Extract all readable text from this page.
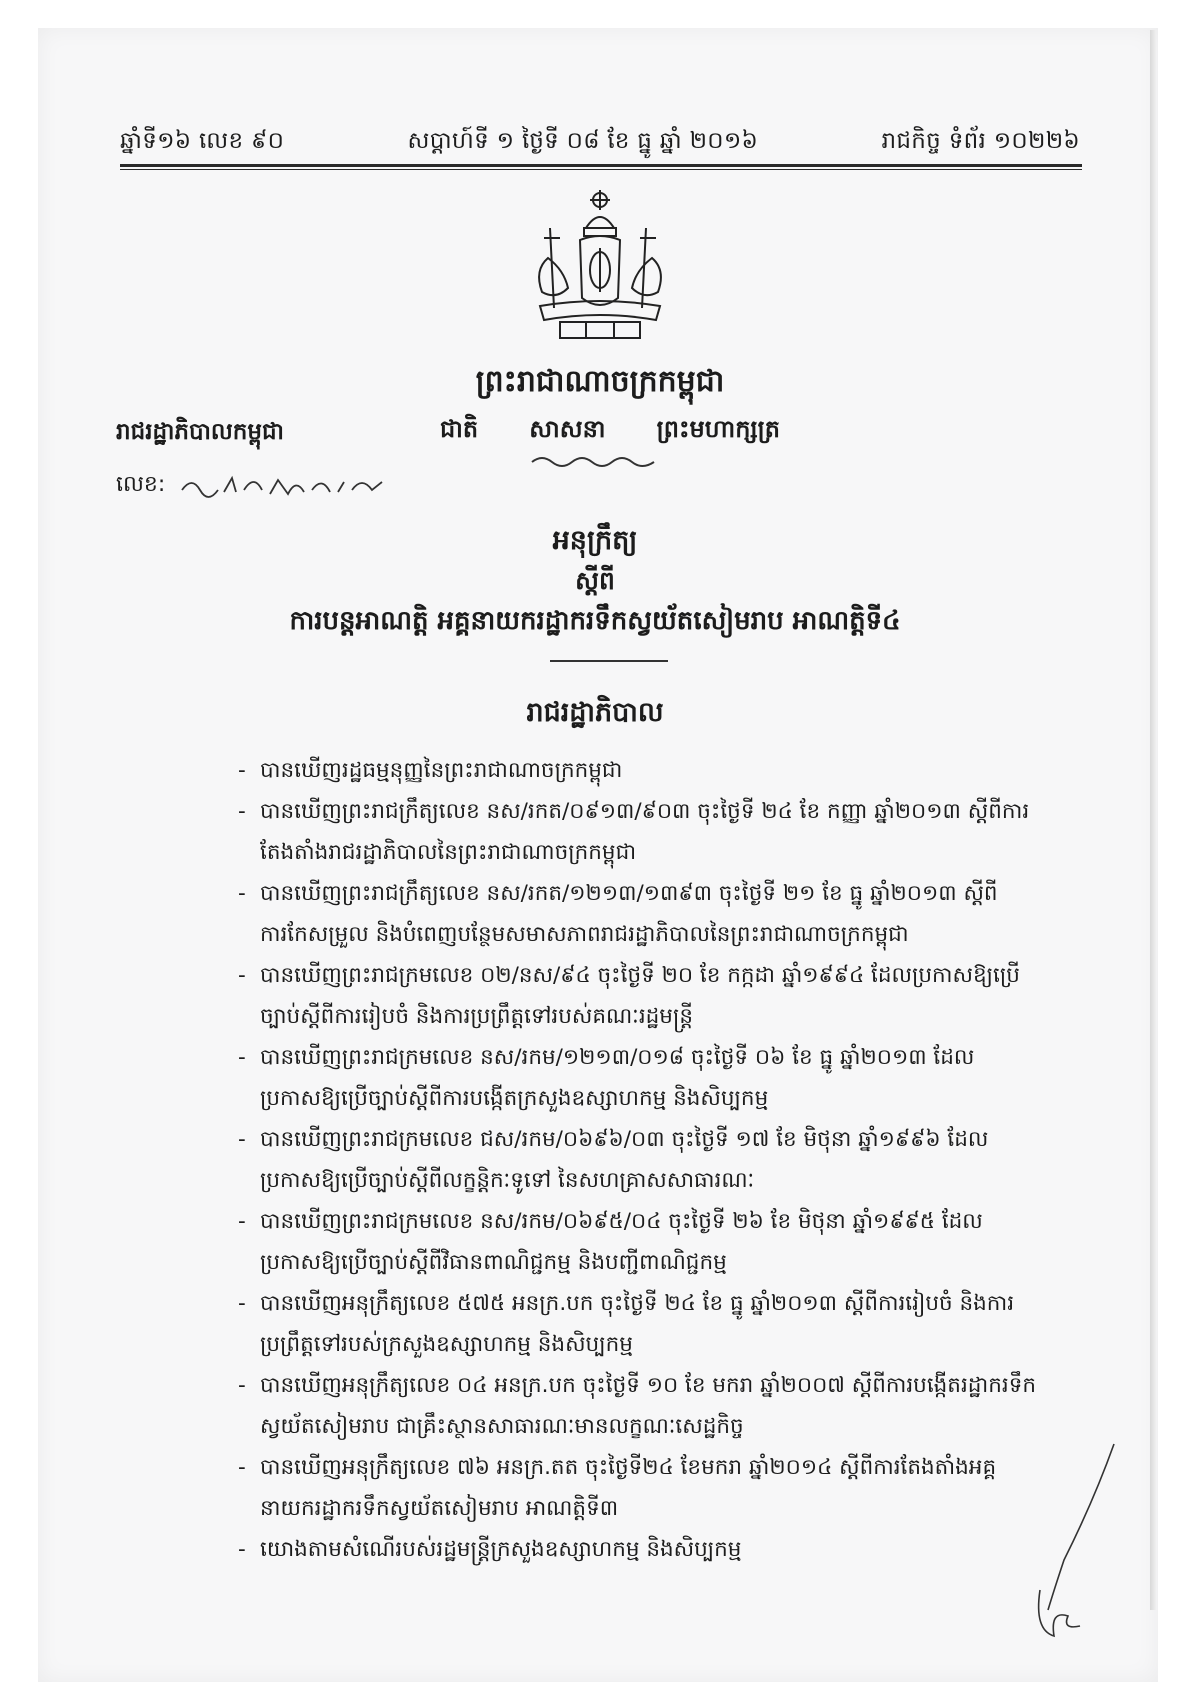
ឆ្នាំទី១៦ លេខ ៩០	សប្ដាហ៍ទី ១ ថ្ងៃទី ០៨ ខែ ធ្នូ ឆ្នាំ ២០១៦	រាជកិច្ច ទំព័រ ១០២២៦
ព្រះរាជាណាចក្រកម្ពុជា
ជាតិ សាសនា ព្រះមហាក្សត្រ
រាជរដ្ឋាភិបាលកម្ពុជា
លេខ:
អនុក្រឹត្យ
ស្ដីពី
ការបន្ដអាណត្តិ អគ្គនាយករដ្ឋាករទឹកស្វយ័តសៀមរាប អាណត្តិទី៤
រាជរដ្ឋាភិបាល
- បានឃើញរដ្ឋធម្មនុញ្ញនៃព្រះរាជាណាចក្រកម្ពុជា
- បានឃើញព្រះរាជក្រឹត្យលេខ នស/រកត/០៩១៣/៩០៣ ចុះថ្ងៃទី ២៤ ខែ កញ្ញា ឆ្នាំ២០១៣ ស្ដីពីការតែងតាំងរាជរដ្ឋាភិបាលនៃព្រះរាជាណាចក្រកម្ពុជា
- បានឃើញព្រះរាជក្រឹត្យលេខ នស/រកត/១២១៣/១៣៩៣ ចុះថ្ងៃទី ២១ ខែ ធ្នូ ឆ្នាំ២០១៣ ស្ដីពីការកែសម្រួល និងបំពេញបន្ថែមសមាសភាពរាជរដ្ឋាភិបាលនៃព្រះរាជាណាចក្រកម្ពុជា
- បានឃើញព្រះរាជក្រមលេខ ០២/នស/៩៤ ចុះថ្ងៃទី ២០ ខែ កក្កដា ឆ្នាំ១៩៩៤ ដែលប្រកាសឱ្យប្រើច្បាប់ស្ដីពីការរៀបចំ និងការប្រព្រឹត្តទៅរបស់គណៈរដ្ឋមន្ត្រី
- បានឃើញព្រះរាជក្រមលេខ នស/រកម/១២១៣/០១៨ ចុះថ្ងៃទី ០៦ ខែ ធ្នូ ឆ្នាំ២០១៣ ដែលប្រកាសឱ្យប្រើច្បាប់ស្ដីពីការបង្កើតក្រសួងឧស្សាហកម្ម និងសិប្បកម្ម
- បានឃើញព្រះរាជក្រមលេខ ជស/រកម/០៦៩៦/០៣ ចុះថ្ងៃទី ១៧ ខែ មិថុនា ឆ្នាំ១៩៩៦ ដែលប្រកាសឱ្យប្រើច្បាប់ស្ដីពីលក្ខន្តិកៈទូទៅ នៃសហគ្រាសសាធារណៈ
- បានឃើញព្រះរាជក្រមលេខ នស/រកម/០៦៩៥/០៤ ចុះថ្ងៃទី ២៦ ខែ មិថុនា ឆ្នាំ១៩៩៥ ដែលប្រកាសឱ្យប្រើច្បាប់ស្ដីពីវិធានពាណិជ្ជកម្ម និងបញ្ជីពាណិជ្ជកម្ម
- បានឃើញអនុក្រឹត្យលេខ ៥៧៥ អនក្រ.បក ចុះថ្ងៃទី ២៤ ខែ ធ្នូ ឆ្នាំ២០១៣ ស្ដីពីការរៀបចំ និងការប្រព្រឹត្តទៅរបស់ក្រសួងឧស្សាហកម្ម និងសិប្បកម្ម
- បានឃើញអនុក្រឹត្យលេខ ០៤ អនក្រ.បក ចុះថ្ងៃទី ១០ ខែ មករា ឆ្នាំ២០០៧ ស្ដីពីការបង្កើតរដ្ឋាករទឹកស្វយ័តសៀមរាប ជាគ្រឹះស្ថានសាធារណៈមានលក្ខណៈសេដ្ឋកិច្ច
- បានឃើញអនុក្រឹត្យលេខ ៧៦ អនក្រ.តត ចុះថ្ងៃទី២៤ ខែមករា ឆ្នាំ២០១៤ ស្ដីពីការតែងតាំងអគ្គនាយករដ្ឋាករទឹកស្វយ័តសៀមរាប អាណត្តិទី៣
- យោងតាមសំណើរបស់រដ្ឋមន្ត្រីក្រសួងឧស្សាហកម្ម និងសិប្បកម្ម
